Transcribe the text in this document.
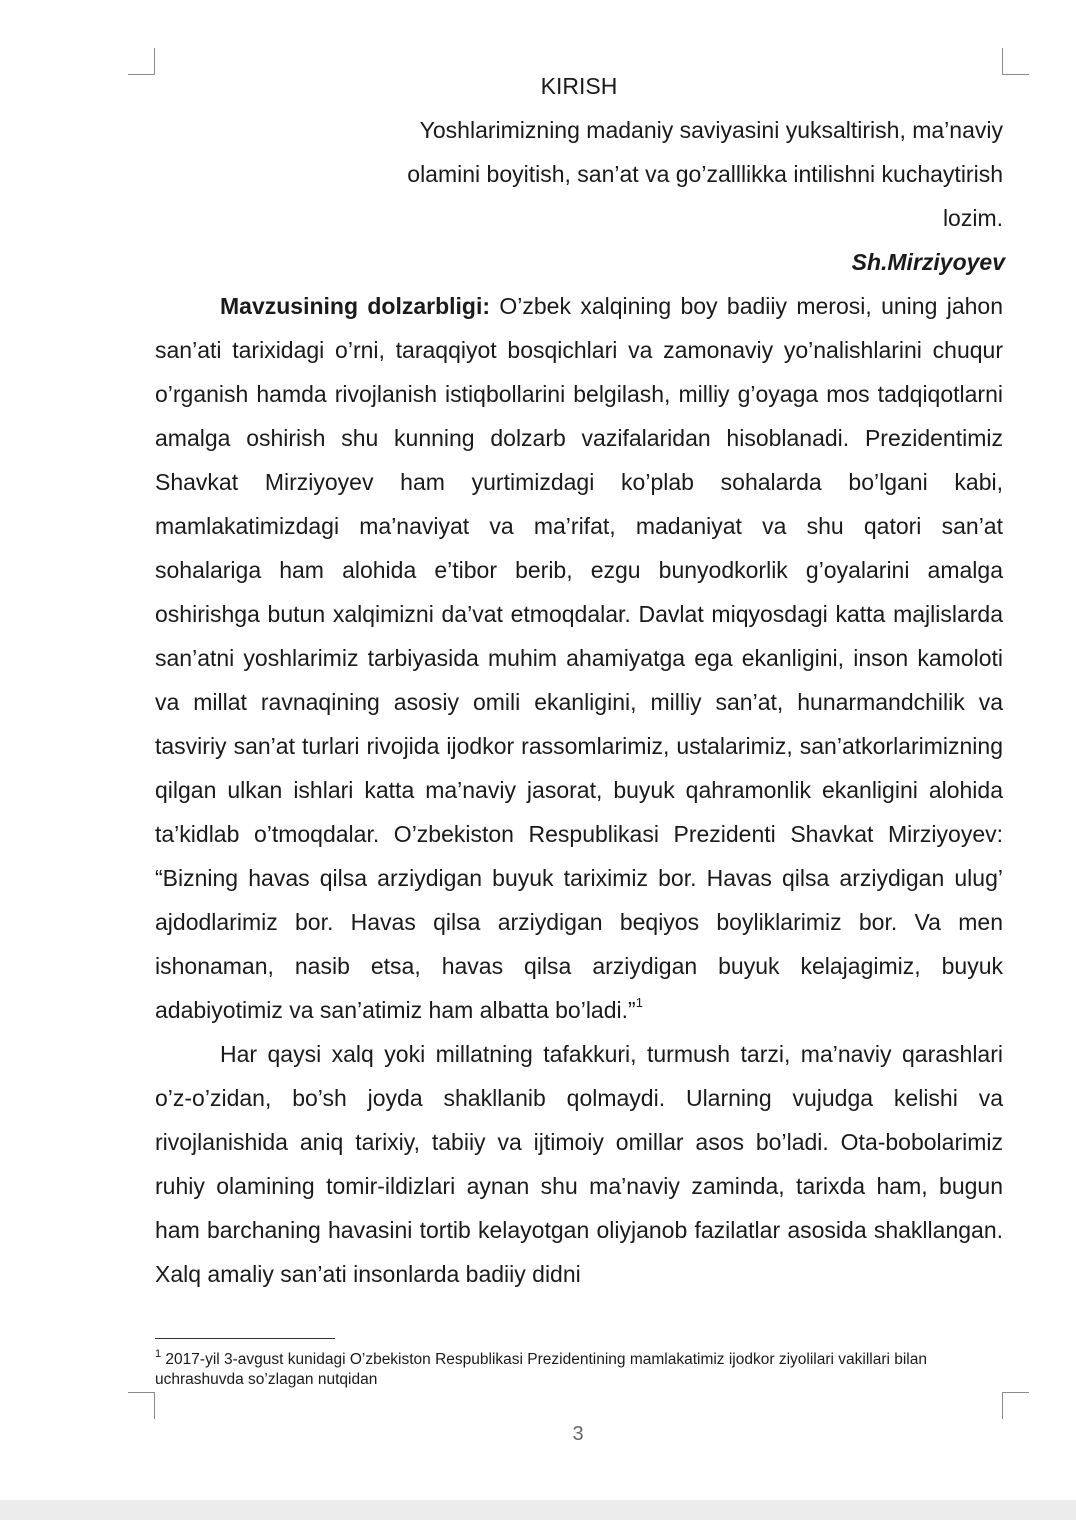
KIRISH
Yoshlarimizning madaniy saviyasini yuksaltirish, ma’naviy
olamini boyitish, san’at va go’zalllikka intilishni kuchaytirish
lozim.
Sh.Mirziyoyev

Mavzusining dolzarbligi: O’zbek xalqining boy badiiy merosi, uning jahon san’ati tarixidagi o’rni, taraqqiyot bosqichlari va zamonaviy yo’nalishlarini chuqur o’rganish hamda rivojlanish istiqbollarini belgilash, milliy g’oyaga mos tadqiqotlarni amalga oshirish shu kunning dolzarb vazifalaridan hisoblanadi. Prezidentimiz Shavkat Mirziyoyev ham yurtimizdagi ko’plab sohalarda bo’lgani kabi, mamlakatimizdagi ma’naviyat va ma’rifat, madaniyat va shu qatori san’at sohalariga ham alohida e’tibor berib, ezgu bunyodkorlik g’oyalarini amalga oshirishga butun xalqimizni da’vat etmoqdalar. Davlat miqyosdagi katta majlislarda san’atni yoshlarimiz tarbiyasida muhim ahamiyatga ega ekanligini, inson kamoloti va millat ravnaqining asosiy omili ekanligini, milliy san’at, hunarmandchilik va tasviriy san’at turlari rivojida ijodkor rassomlarimiz, ustalarimiz, san’atkorlarimizning qilgan ulkan ishlari katta ma’naviy jasorat, buyuk qahramonlik ekanligini alohida ta’kidlab o’tmoqdalar. O’zbekiston Respublikasi Prezidenti Shavkat Mirziyoyev: “Bizning havas qilsa arziydigan buyuk tariximiz bor. Havas qilsa arziydigan ulug’ ajdodlarimiz bor. Havas qilsa arziydigan beqiyos boyliklarimiz bor. Va men ishonaman, nasib etsa, havas qilsa arziydigan buyuk kelajagimiz, buyuk adabiyotimiz va san’atimiz ham albatta bo’ladi.”$^1$

Har qaysi xalq yoki millatning tafakkuri, turmush tarzi, ma’naviy qarashlari o’z-o’zidan, bo’sh joyda shakllanib qolmaydi. Ularning vujudga kelishi va rivojlanishida aniq tarixiy, tabiiy va ijtimoiy omillar asos bo’ladi. Ota-bobolarimiz ruhiy olamining tomir-ildizlari aynan shu ma’naviy zaminda, tarixda ham, bugun ham barchaning havasini tortib kelayotgan oliyjanob fazilatlar asosida shakllangan. Xalq amaliy san’ati insonlarda badiiy didni

$^1$ 2017-yil 3-avgust kunidagi O’zbekiston Respublikasi Prezidentining mamlakatimiz ijodkor ziyolilari vakillari bilan uchrashuvda so’zlagan nutqidan
3
